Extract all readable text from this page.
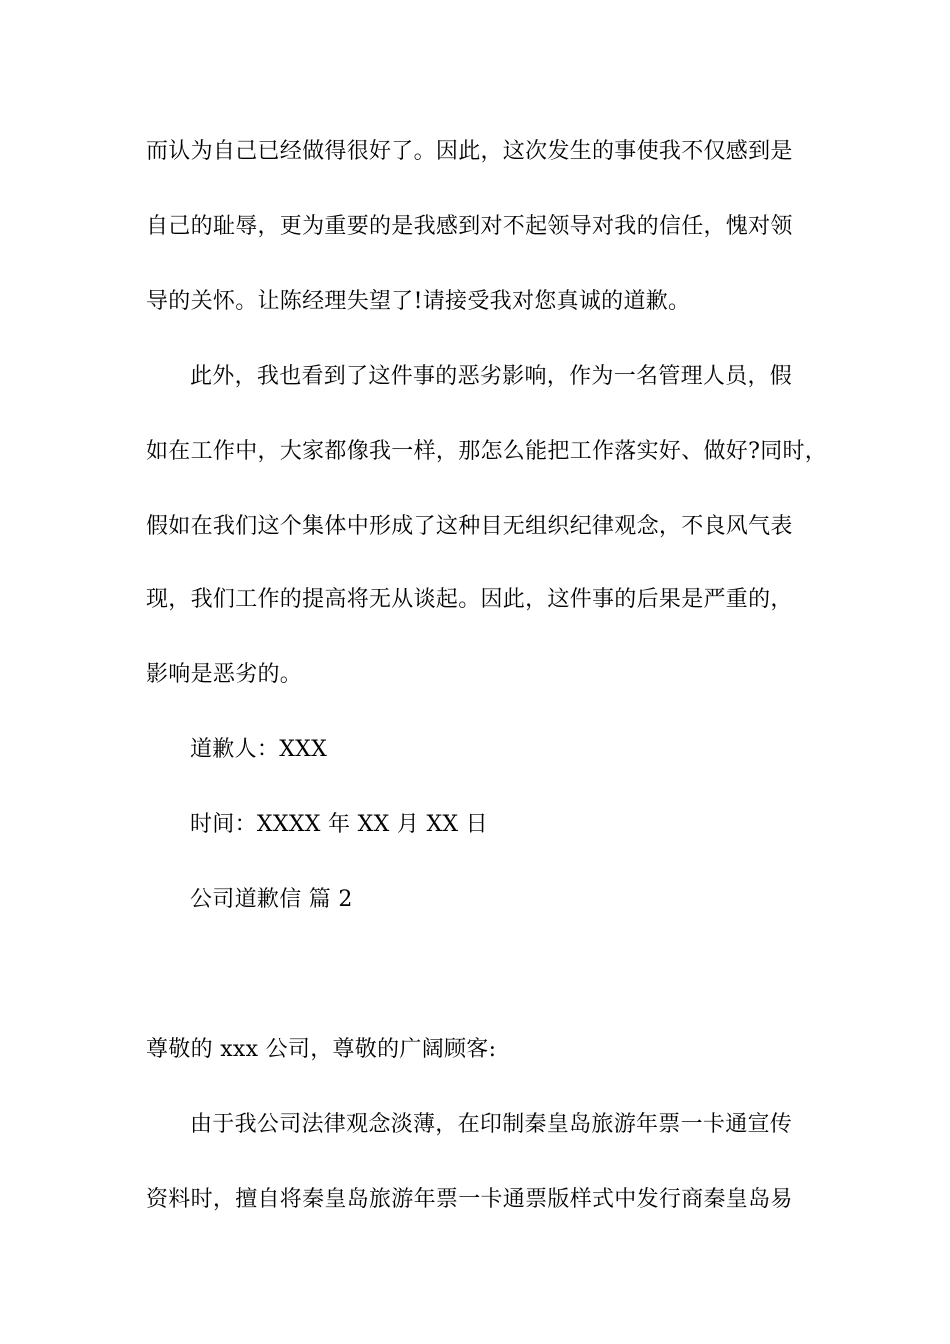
而认为自己已经做得很好了。因此，这次发生的事使我不仅感到是
自己的耻辱，更为重要的是我感到对不起领导对我的信任，愧对领
导的关怀。让陈经理失望了!请接受我对您真诚的道歉。
此外，我也看到了这件事的恶劣影响，作为一名管理人员，假
如在工作中，大家都像我一样，那怎么能把工作落实好、做好?同时，
假如在我们这个集体中形成了这种目无组织纪律观念，不良风气表
现，我们工作的提高将无从谈起。因此，这件事的后果是严重的，
影响是恶劣的。
道歉人：XXX
时间：XXXX 年 XX 月 XX 日
公司道歉信 篇 2
尊敬的 xxx 公司，尊敬的广阔顾客:
由于我公司法律观念淡薄，在印制秦皇岛旅游年票一卡通宣传
资料时，擅自将秦皇岛旅游年票一卡通票版样式中发行商秦皇岛易
